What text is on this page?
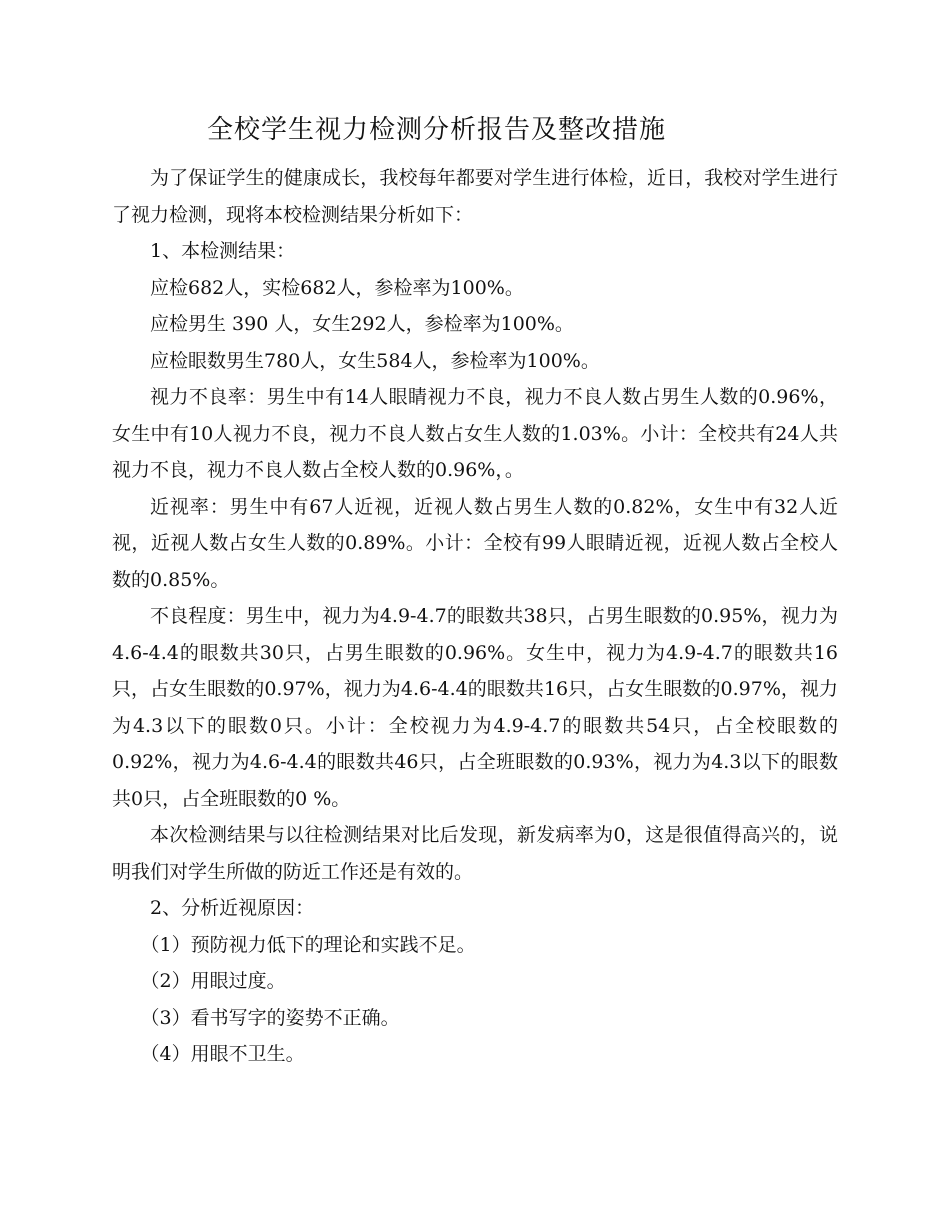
全校学生视力检测分析报告及整改措施

为了保证学生的健康成长，我校每年都要对学生进行体检，近日，我校对学生进行了视力检测，现将本校检测结果分析如下：

1、本检测结果：

应检682人，实检682人，参检率为100%。

应检男生 390 人，女生292人，参检率为100%。

应检眼数男生780人，女生584人，参检率为100%。

视力不良率：男生中有14人眼睛视力不良，视力不良人数占男生人数的0.96%，女生中有10人视力不良，视力不良人数占女生人数的1.03%。小计：全校共有24人共视力不良，视力不良人数占全校人数的0.96%，。

近视率：男生中有67人近视，近视人数占男生人数的0.82%，女生中有32人近视，近视人数占女生人数的0.89%。小计：全校有99人眼睛近视，近视人数占全校人数的0.85%。

不良程度：男生中，视力为4.9-4.7的眼数共38只，占男生眼数的0.95%，视力为4.6-4.4的眼数共30只，占男生眼数的0.96%。女生中，视力为4.9-4.7的眼数共16只，占女生眼数的0.97%，视力为4.6-4.4的眼数共16只，占女生眼数的0.97%，视力为4.3以下的眼数0只。小计：全校视力为4.9-4.7的眼数共54只，占全校眼数的0.92%，视力为4.6-4.4的眼数共46只，占全班眼数的0.93%，视力为4.3以下的眼数共0只，占全班眼数的0 %。

本次检测结果与以往检测结果对比后发现，新发病率为0，这是很值得高兴的，说明我们对学生所做的防近工作还是有效的。

2、分析近视原因：

（1）预防视力低下的理论和实践不足。

（2）用眼过度。

（3）看书写字的姿势不正确。

（4）用眼不卫生。
